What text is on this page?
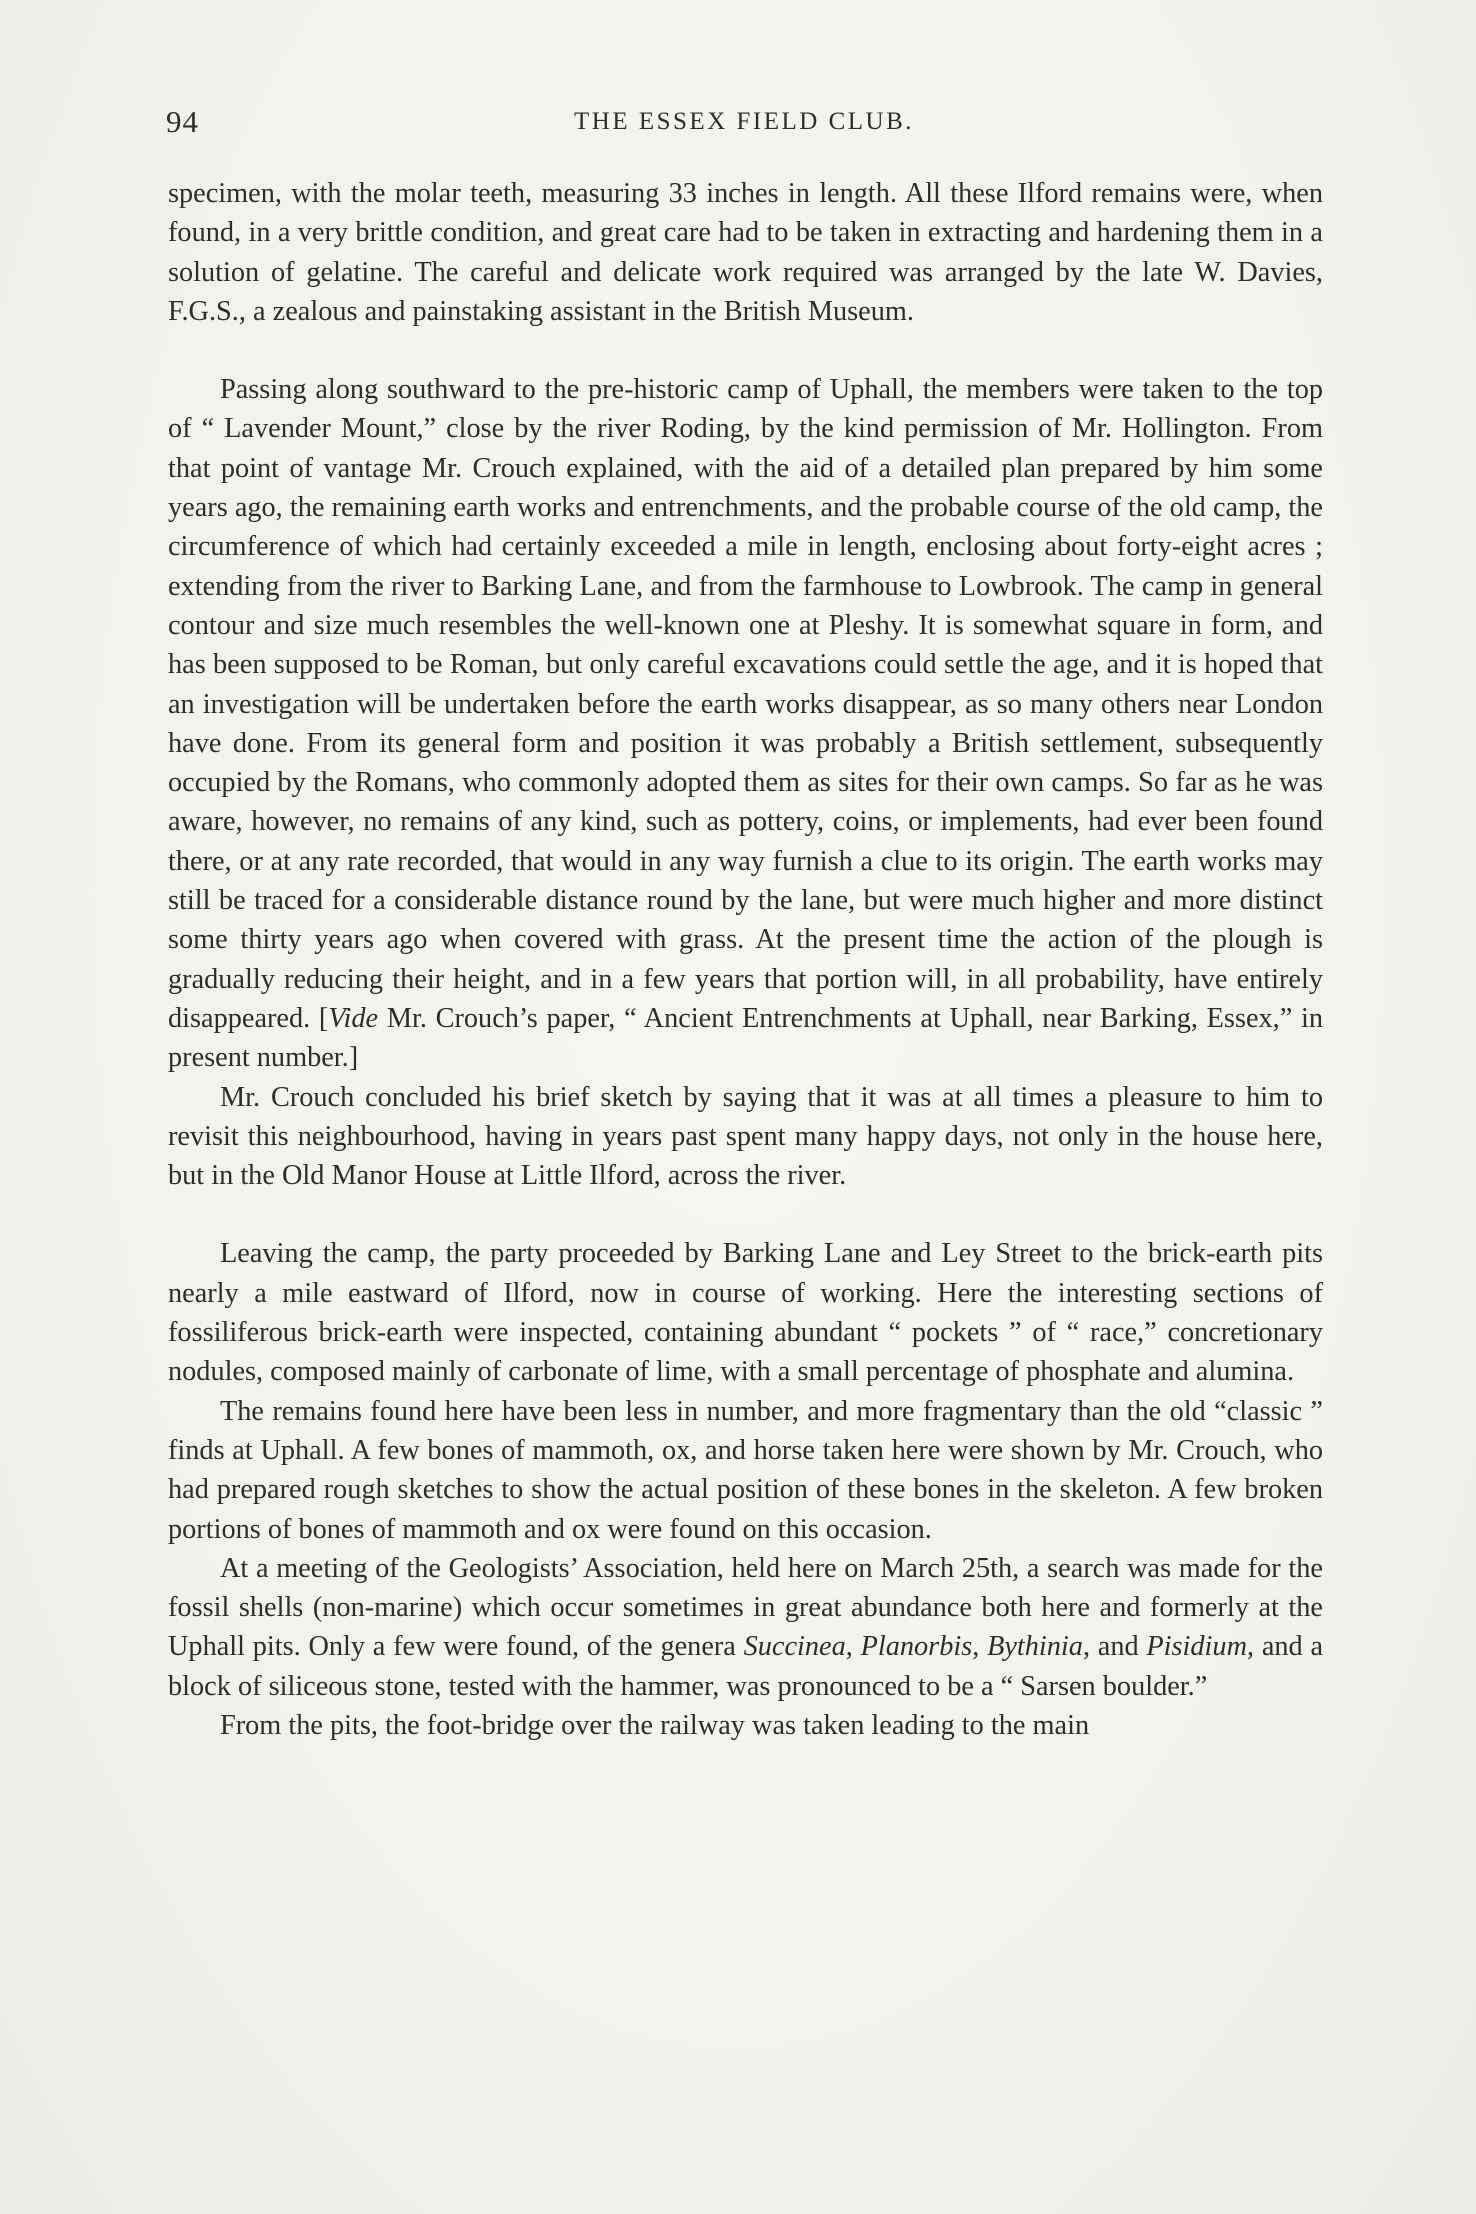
94	THE ESSEX FIELD CLUB.

specimen, with the molar teeth, measuring 33 inches in length. All these Ilford remains were, when found, in a very brittle condition, and great care had to be taken in extracting and hardening them in a solution of gelatine. The careful and delicate work required was arranged by the late W. Davies, F.G.S., a zealous and painstaking assistant in the British Museum.

Passing along southward to the pre-historic camp of Uphall, the members were taken to the top of “ Lavender Mount,” close by the river Roding, by the kind permission of Mr. Hollington. From that point of vantage Mr. Crouch explained, with the aid of a detailed plan prepared by him some years ago, the remaining earth works and entrenchments, and the probable course of the old camp, the circumference of which had certainly exceeded a mile in length, enclosing about forty-eight acres ; extending from the river to Barking Lane, and from the farmhouse to Lowbrook. The camp in general contour and size much resembles the well-known one at Pleshy. It is somewhat square in form, and has been supposed to be Roman, but only careful excavations could settle the age, and it is hoped that an investigation will be undertaken before the earth works disappear, as so many others near London have done. From its general form and position it was probably a British settlement, subsequently occupied by the Romans, who commonly adopted them as sites for their own camps. So far as he was aware, however, no remains of any kind, such as pottery, coins, or implements, had ever been found there, or at any rate recorded, that would in any way furnish a clue to its origin. The earth works may still be traced for a considerable distance round by the lane, but were much higher and more distinct some thirty years ago when covered with grass. At the present time the action of the plough is gradually reducing their height, and in a few years that portion will, in all probability, have entirely disappeared. [Vide Mr. Crouch’s paper, “ Ancient Entrenchments at Uphall, near Barking, Essex,” in present number.]

Mr. Crouch concluded his brief sketch by saying that it was at all times a pleasure to him to revisit this neighbourhood, having in years past spent many happy days, not only in the house here, but in the Old Manor House at Little Ilford, across the river.

Leaving the camp, the party proceeded by Barking Lane and Ley Street to the brick-earth pits nearly a mile eastward of Ilford, now in course of working. Here the interesting sections of fossiliferous brick-earth were inspected, containing abundant “ pockets ” of “ race,” concretionary nodules, composed mainly of carbonate of lime, with a small percentage of phosphate and alumina.

The remains found here have been less in number, and more fragmentary than the old “classic ” finds at Uphall. A few bones of mammoth, ox, and horse taken here were shown by Mr. Crouch, who had prepared rough sketches to show the actual position of these bones in the skeleton. A few broken portions of bones of mammoth and ox were found on this occasion.

At a meeting of the Geologists’ Association, held here on March 25th, a search was made for the fossil shells (non-marine) which occur sometimes in great abundance both here and formerly at the Uphall pits. Only a few were found, of the genera Succinea, Planorbis, Bythinia, and Pisidium, and a block of siliceous stone, tested with the hammer, was pronounced to be a “ Sarsen boulder.”

From the pits, the foot-bridge over the railway was taken leading to the main
